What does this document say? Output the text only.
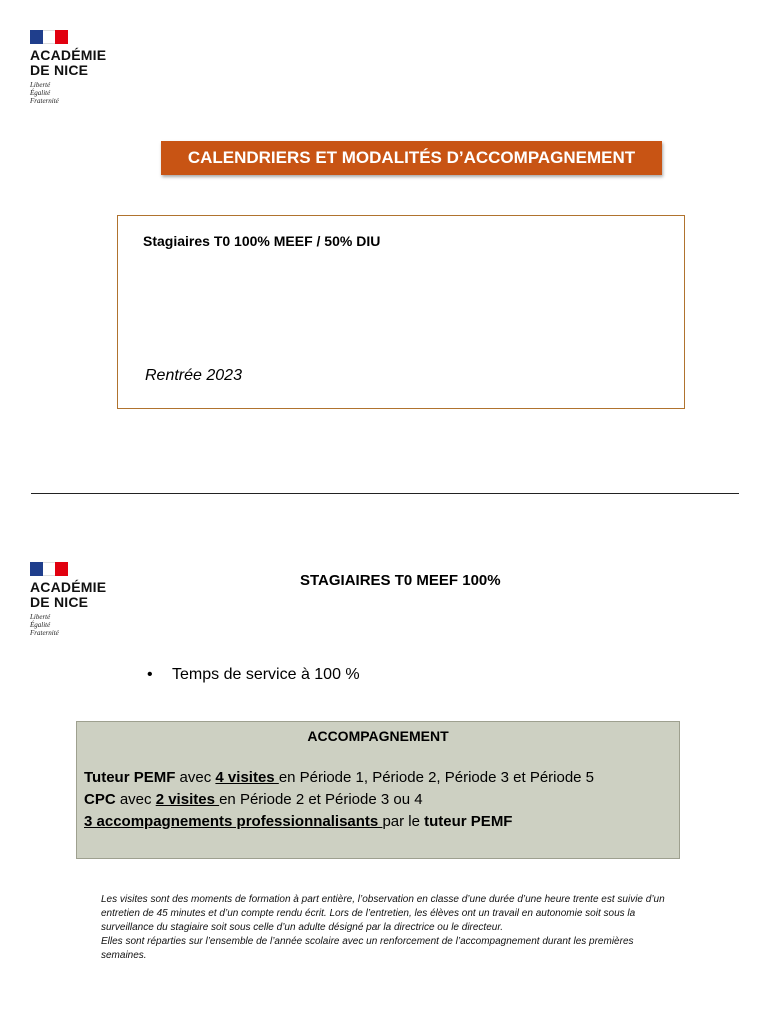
ACADÉMIE
DE NICE
Liberté
Égalité
Fraternité
CALENDRIERS ET MODALITÉS D’ACCOMPAGNEMENT
Stagiaires T0 100% MEEF / 50% DIU
Rentrée 2023
ACADÉMIE
DE NICE
Liberté
Égalité
Fraternité
STAGIAIRES T0 MEEF 100%
•	Temps de service à 100 %
ACCOMPAGNEMENT
Tuteur PEMF avec 4 visites en Période 1, Période 2, Période 3 et Période 5
CPC avec 2 visites en Période 2 et Période 3 ou 4
3 accompagnements professionnalisants par le tuteur PEMF
Les visites sont des moments de formation à part entière, l’observation en classe d’une durée d’une heure trente est suivie d’un entretien de 45 minutes et d’un compte rendu écrit. Lors de l’entretien, les élèves ont un travail en autonomie soit sous la surveillance du stagiaire soit sous celle d’un adulte désigné par la directrice ou le directeur.
Elles sont réparties sur l’ensemble de l’année scolaire avec un renforcement de l’accompagnement durant les premières semaines.
